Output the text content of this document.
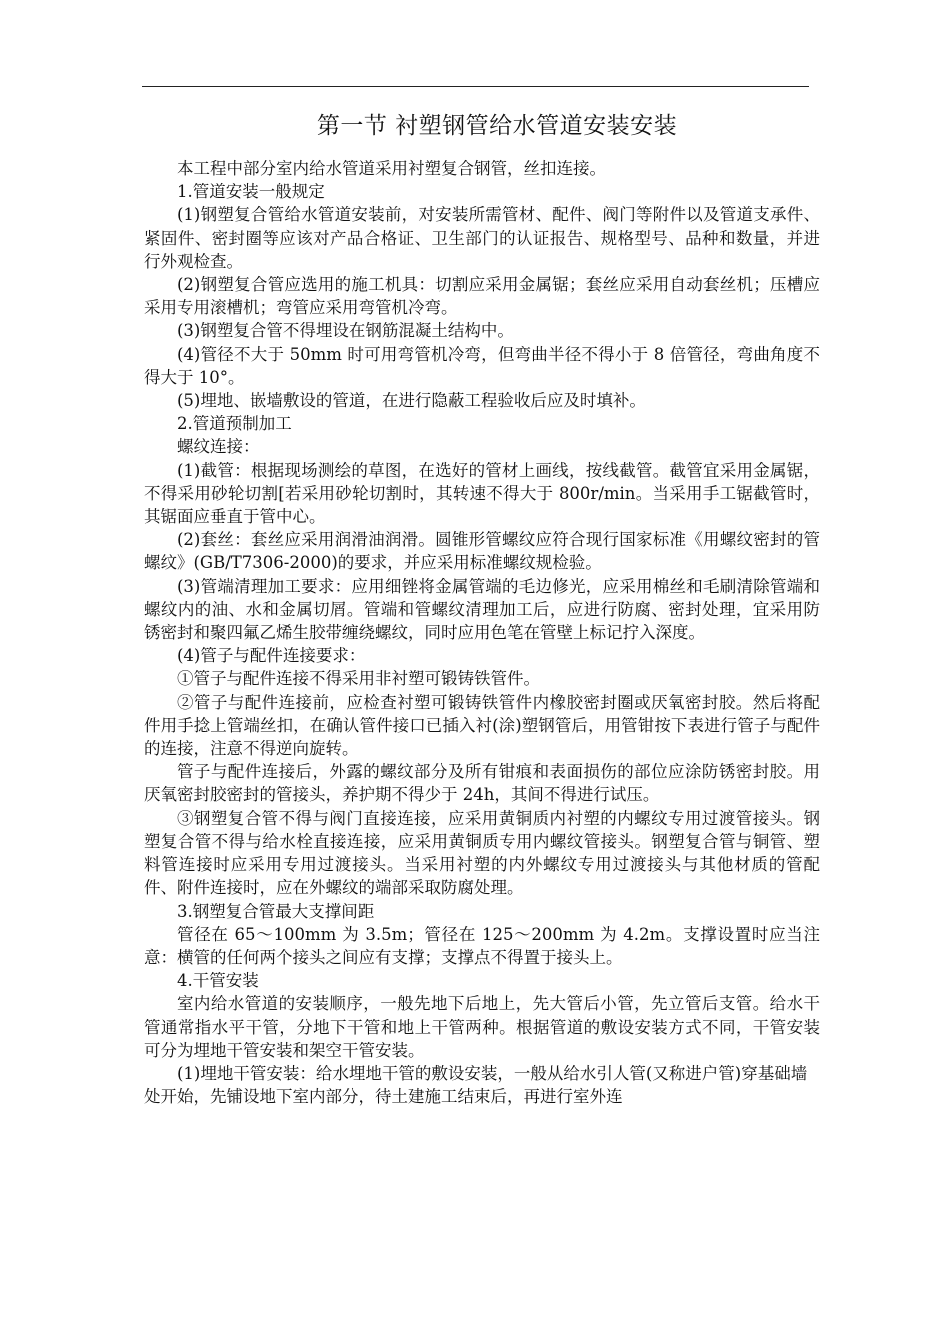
第一节 衬塑钢管给水管道安装安装

本工程中部分室内给水管道采用衬塑复合钢管，丝扣连接。

1.管道安装一般规定

(1)钢塑复合管给水管道安装前，对安装所需管材、配件、阀门等附件以及管道支承件、紧固件、密封圈等应该对产品合格证、卫生部门的认证报告、规格型号、品种和数量，并进行外观检查。

(2)钢塑复合管应选用的施工机具：切割应采用金属锯；套丝应采用自动套丝机；压槽应采用专用滚槽机；弯管应采用弯管机冷弯。

(3)钢塑复合管不得埋设在钢筋混凝土结构中。

(4)管径不大于 50mm 时可用弯管机冷弯，但弯曲半径不得小于 8 倍管径，弯曲角度不得大于 10°。

(5)埋地、嵌墙敷设的管道，在进行隐蔽工程验收后应及时填补。

2.管道预制加工

螺纹连接：

(1)截管：根据现场测绘的草图，在选好的管材上画线，按线截管。截管宜采用金属锯，不得采用砂轮切割[若采用砂轮切割时，其转速不得大于 800r/min。当采用手工锯截管时，其锯面应垂直于管中心。

(2)套丝：套丝应采用润滑油润滑。圆锥形管螺纹应符合现行国家标准《用螺纹密封的管螺纹》(GB/T7306-2000)的要求，并应采用标准螺纹规检验。

(3)管端清理加工要求：应用细锉将金属管端的毛边修光，应采用棉丝和毛刷清除管端和螺纹内的油、水和金属切屑。管端和管螺纹清理加工后，应进行防腐、密封处理，宜采用防锈密封和聚四氟乙烯生胶带缠绕螺纹，同时应用色笔在管壁上标记拧入深度。

(4)管子与配件连接要求：

①管子与配件连接不得采用非衬塑可锻铸铁管件。

②管子与配件连接前，应检查衬塑可锻铸铁管件内橡胶密封圈或厌氧密封胶。然后将配件用手捻上管端丝扣，在确认管件接口已插入衬(涂)塑钢管后，用管钳按下表进行管子与配件的连接，注意不得逆向旋转。

管子与配件连接后，外露的螺纹部分及所有钳痕和表面损伤的部位应涂防锈密封胶。用厌氧密封胶密封的管接头，养护期不得少于 24h，其间不得进行试压。

③钢塑复合管不得与阀门直接连接，应采用黄铜质内衬塑的内螺纹专用过渡管接头。钢塑复合管不得与给水栓直接连接，应采用黄铜质专用内螺纹管接头。钢塑复合管与铜管、塑料管连接时应采用专用过渡接头。当采用衬塑的内外螺纹专用过渡接头与其他材质的管配件、附件连接时，应在外螺纹的端部采取防腐处理。

3.钢塑复合管最大支撑间距

管径在 65～100mm 为 3.5m；管径在 125～200mm 为 4.2m。支撑设置时应当注意：横管的任何两个接头之间应有支撑；支撑点不得置于接头上。

4.干管安装

室内给水管道的安装顺序，一般先地下后地上，先大管后小管，先立管后支管。给水干管通常指水平干管，分地下干管和地上干管两种。根据管道的敷设安装方式不同，干管安装可分为埋地干管安装和架空干管安装。

(1)埋地干管安装：给水埋地干管的敷设安装，一般从给水引人管(又称进户管)穿基础墙处开始，先铺设地下室内部分，待土建施工结束后，再进行室外连
